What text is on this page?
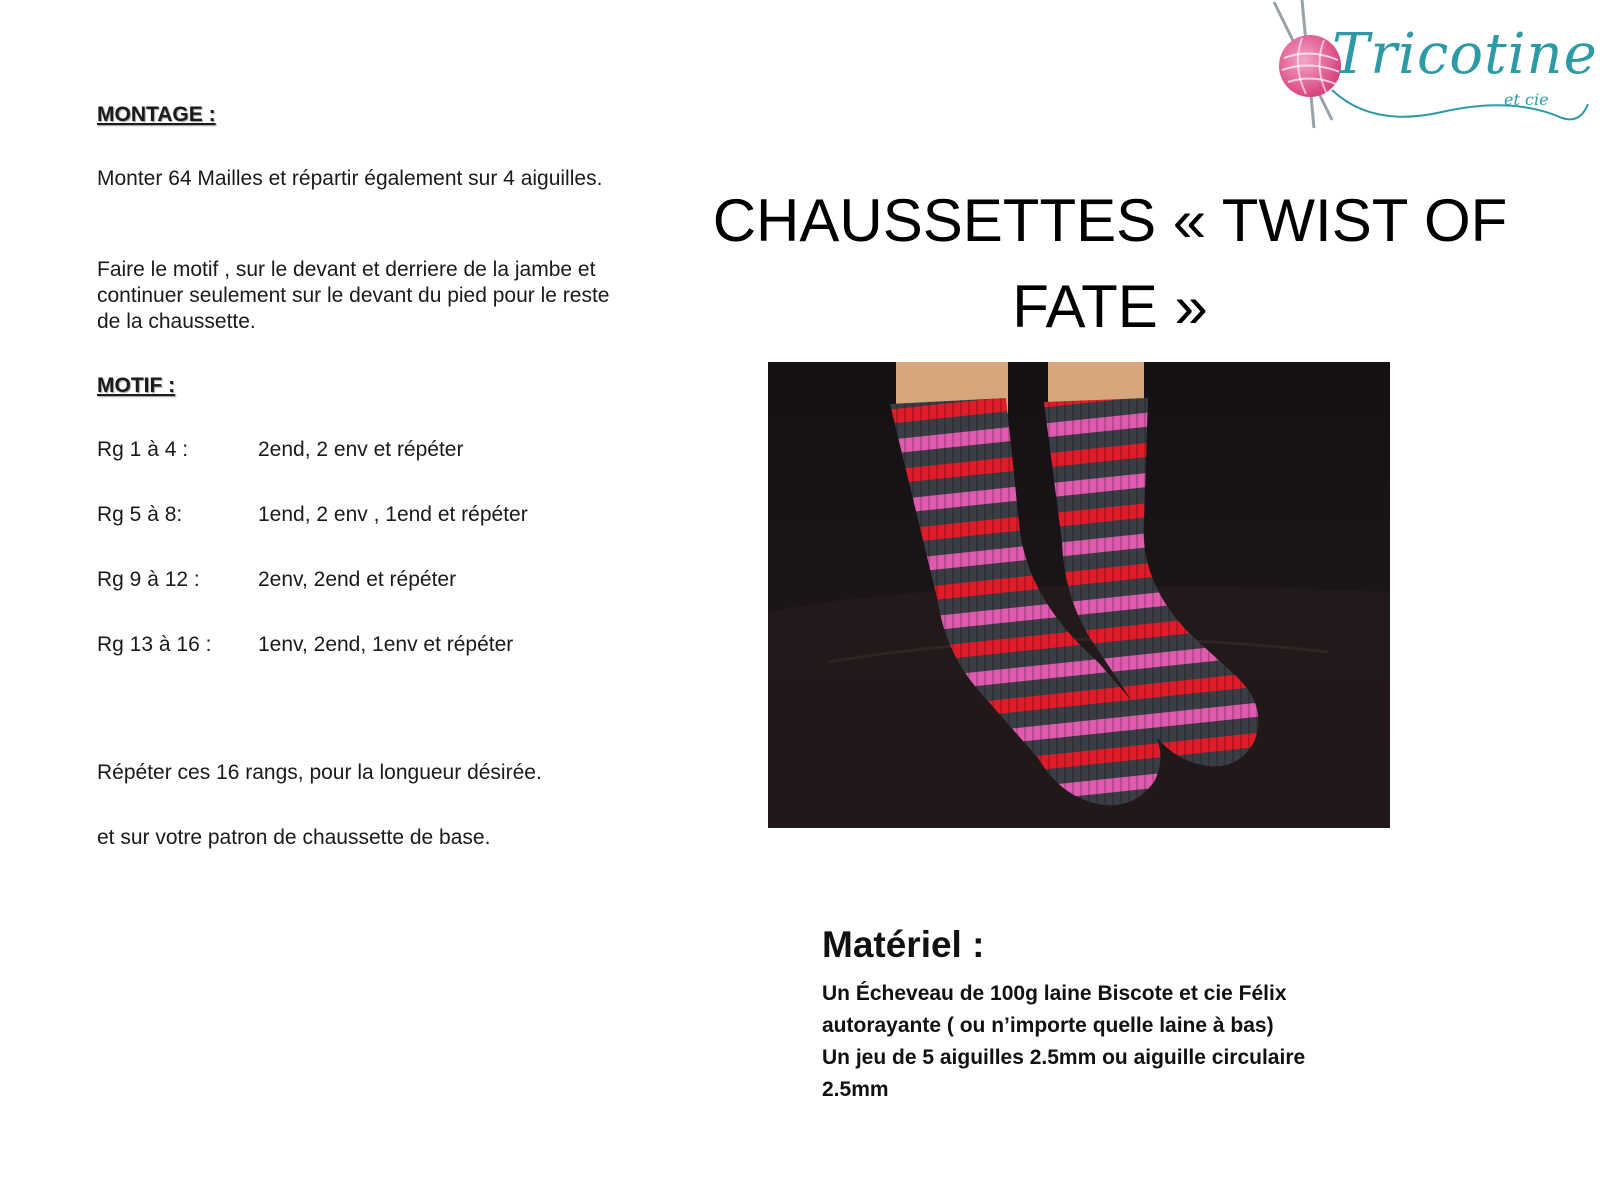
Tricotine
et cie
MONTAGE :
Monter 64 Mailles et répartir également sur 4 aiguilles.
Faire le motif , sur le devant et derriere de la jambe et continuer seulement sur le devant du pied pour le reste de la chaussette.
MOTIF :
Rg 1 à 4 :	2end, 2 env et répéter
Rg 5 à 8:	1end, 2 env , 1end et répéter
Rg 9 à 12 :	2env, 2end et répéter
Rg 13 à 16 : 1env, 2end, 1env et répéter
Répéter ces 16 rangs, pour la longueur désirée.
et sur votre patron de chaussette de base.
CHAUSSETTES « TWIST OF
FATE »
Matériel :
Un Écheveau de 100g laine Biscote et cie Félix
autorayante ( ou n’importe quelle laine à bas)
Un jeu de 5 aiguilles 2.5mm ou aiguille circulaire
2.5mm
